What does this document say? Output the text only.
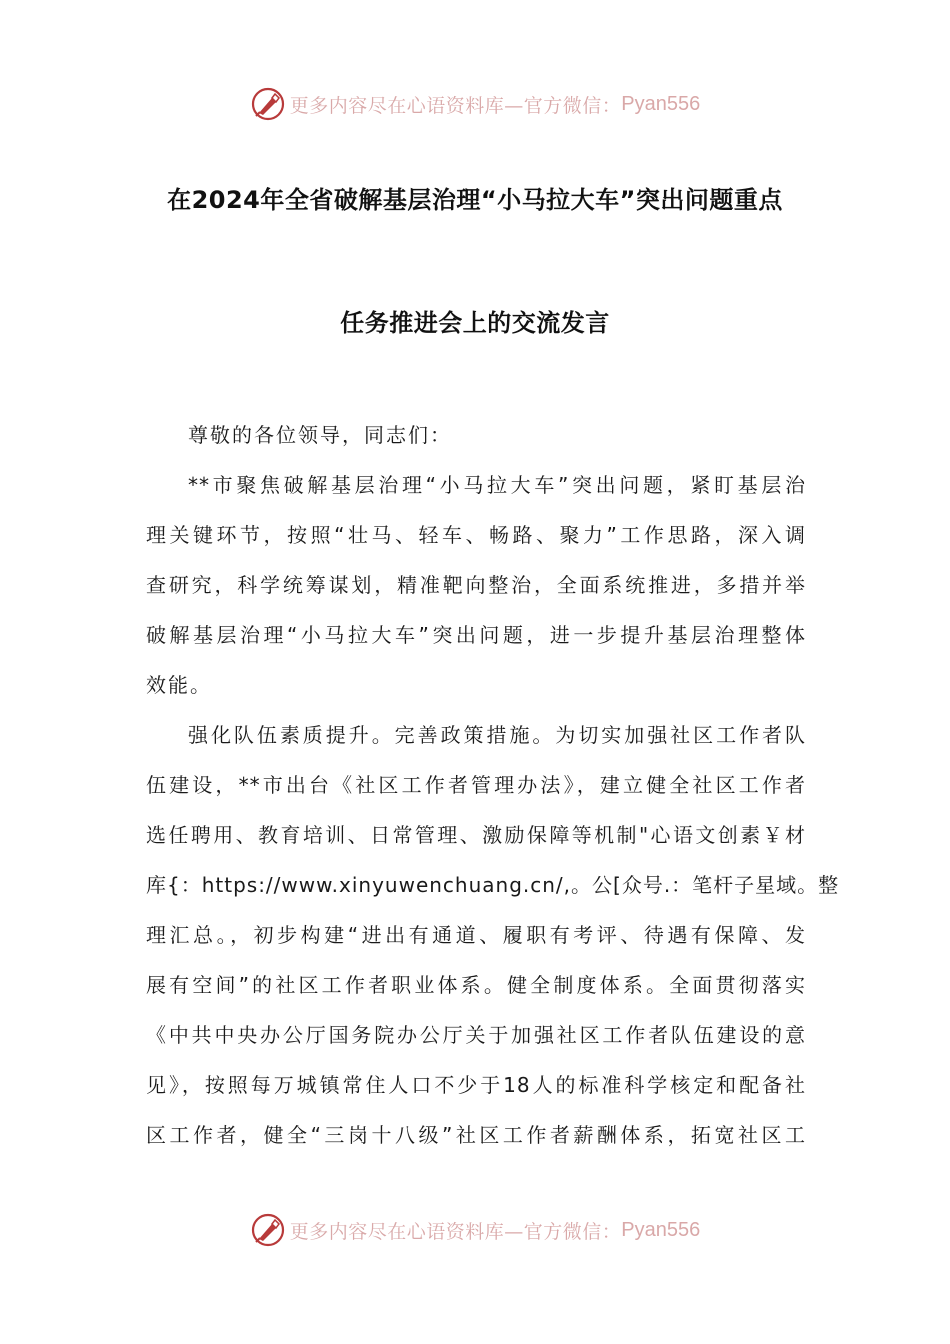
更多内容尽在心语资料库—官方微信： Pyan556
在2024年全省破解基层治理“小马拉大车”突出问题重点
任务推进会上的交流发言
尊敬的各位领导，同志们：
**市聚焦破解基层治理“小马拉大车”突出问题，紧盯基层治
理关键环节，按照“壮马、轻车、畅路、聚力”工作思路，深入调
查研究，科学统筹谋划，精准靶向整治，全面系统推进，多措并举
破解基层治理“小马拉大车”突出问题，进一步提升基层治理整体
效能。
强化队伍素质提升。完善政策措施。为切实加强社区工作者队
伍建设，**市出台《社区工作者管理办法》，建立健全社区工作者
选任聘用、教育培训、日常管理、激励保障等机制"心语文创素￥材
库{：https://www.xinyuwenchuang.cn/,。公[众号.：笔杆子星域。整
理汇总。，初步构建“进出有通道、履职有考评、待遇有保障、发
展有空间”的社区工作者职业体系。健全制度体系。全面贯彻落实
《中共中央办公厅国务院办公厅关于加强社区工作者队伍建设的意
见》，按照每万城镇常住人口不少于18人的标准科学核定和配备社
区工作者，健全“三岗十八级”社区工作者薪酬体系，拓宽社区工
更多内容尽在心语资料库—官方微信： Pyan556
